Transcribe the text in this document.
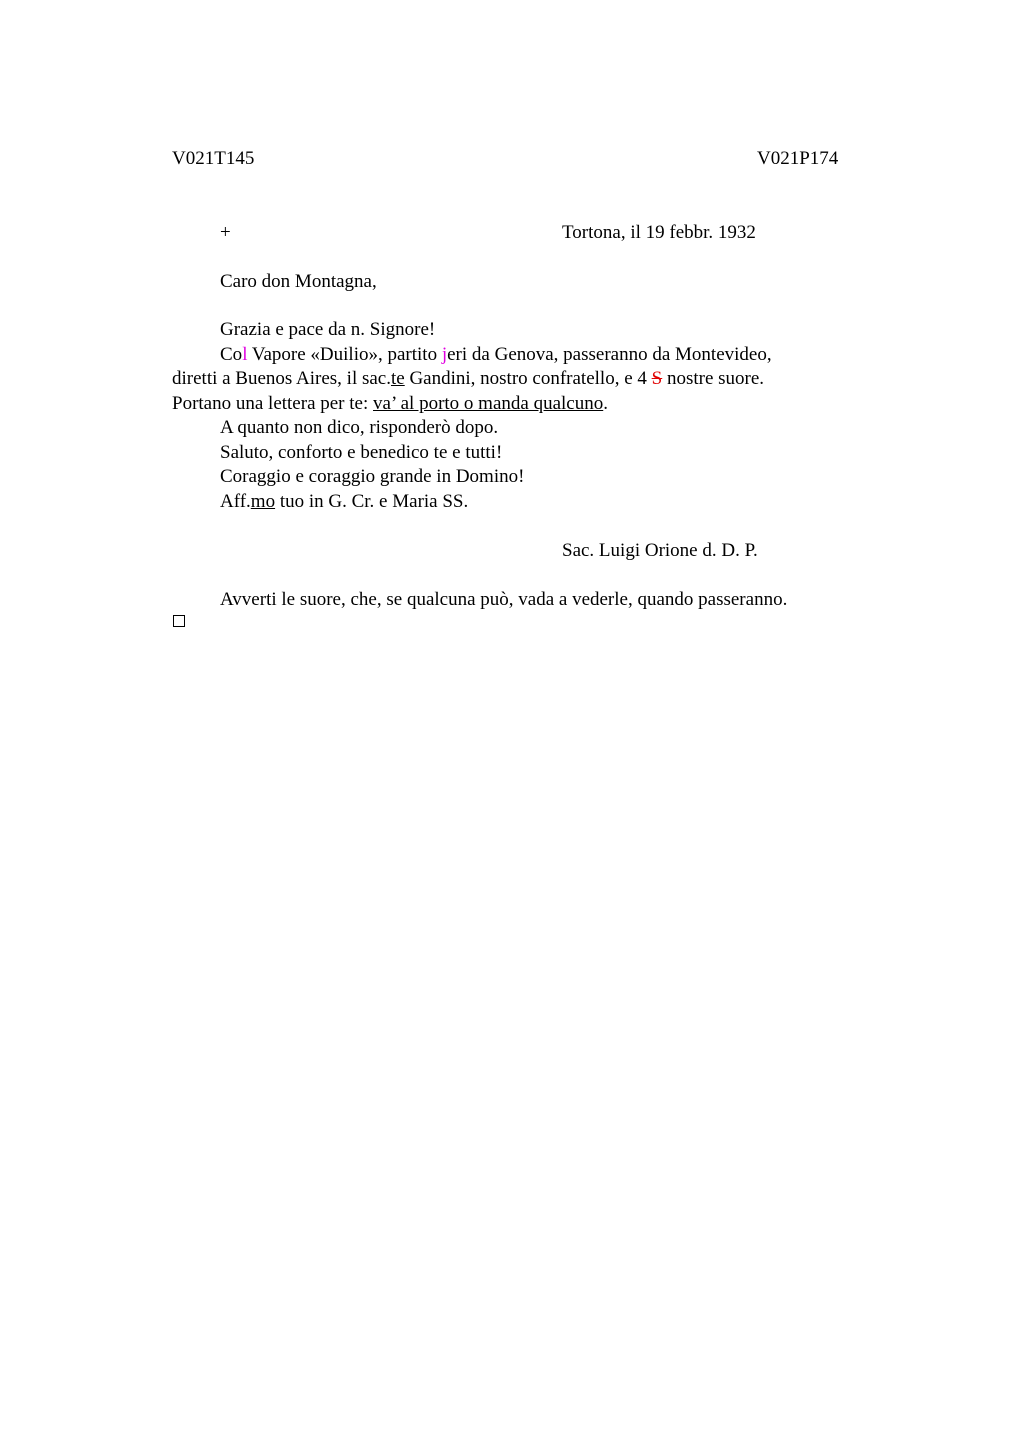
V021T145	V021P174
+	Tortona, il 19 febbr. 1932
Caro don Montagna,
Grazia e pace da n. Signore!
Col Vapore «Duilio», partito jeri da Genova, passeranno da Montevideo,
diretti a Buenos Aires, il sac.te Gandini, nostro confratello, e 4 S nostre suore.
Portano una lettera per te: va’ al porto o manda qualcuno.
A quanto non dico, risponderò dopo.
Saluto, conforto e benedico te e tutti!
Coraggio e coraggio grande in Domino!
Aff.mo tuo in G. Cr. e Maria SS.
Sac. Luigi Orione d. D. P.
Avverti le suore, che, se qualcuna può, vada a vederle, quando passeranno.
